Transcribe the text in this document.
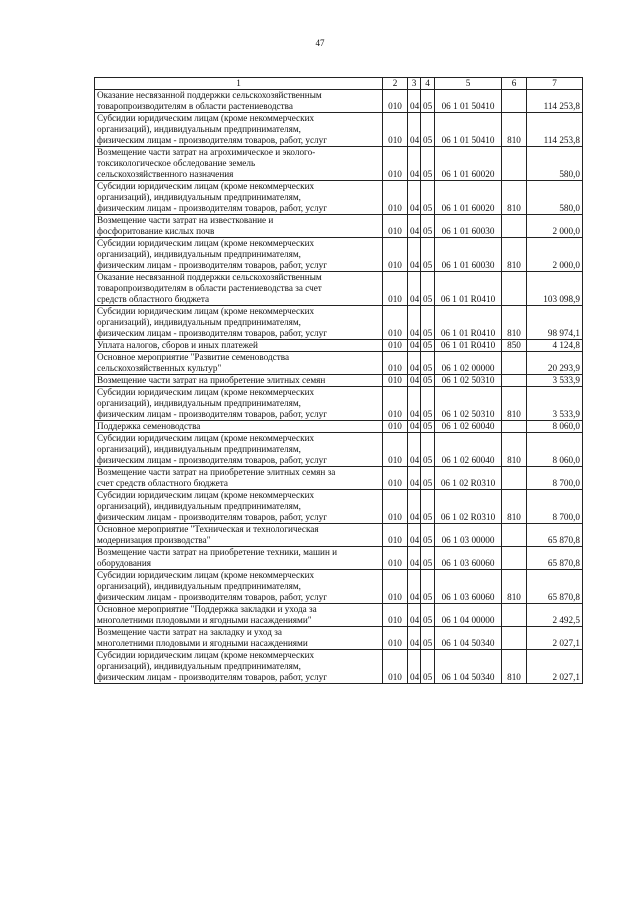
47
1	2	3	4	5	6	7

Оказание несвязанной поддержки сельскохозяйственным
товаропроизводителям в области растениеводства	010	04	05	06 1 01 50410		114 253,8

Субсидии юридическим лицам (кроме некоммерческих
организаций), индивидуальным предпринимателям,
физическим лицам - производителям товаров, работ, услуг	010	04	05	06 1 01 50410	810	114 253,8

Возмещение части затрат на агрохимическое и эколого-
токсикологическое обследование земель
сельскохозяйственного назначения	010	04	05	06 1 01 60020		580,0

Субсидии юридическим лицам (кроме некоммерческих
организаций), индивидуальным предпринимателям,
физическим лицам - производителям товаров, работ, услуг	010	04	05	06 1 01 60020	810	580,0

Возмещение части затрат на известкование и
фосфоритование кислых почв	010	04	05	06 1 01 60030		2 000,0

Субсидии юридическим лицам (кроме некоммерческих
организаций), индивидуальным предпринимателям,
физическим лицам - производителям товаров, работ, услуг	010	04	05	06 1 01 60030	810	2 000,0

Оказание несвязанной поддержки сельскохозяйственным
товаропроизводителям в области растениеводства за счет
средств областного бюджета	010	04	05	06 1 01 R0410		103 098,9

Субсидии юридическим лицам (кроме некоммерческих
организаций), индивидуальным предпринимателям,
физическим лицам - производителям товаров, работ, услуг	010	04	05	06 1 01 R0410	810	98 974,1

Уплата налогов, сборов и иных платежей	010	04	05	06 1 01 R0410	850	4 124,8

Основное мероприятие "Развитие семеноводства
сельскохозяйственных культур"	010	04	05	06 1 02 00000		20 293,9

Возмещение части затрат на приобретение элитных семян	010	04	05	06 1 02 50310		3 533,9

Субсидии юридическим лицам (кроме некоммерческих
организаций), индивидуальным предпринимателям,
физическим лицам - производителям товаров, работ, услуг	010	04	05	06 1 02 50310	810	3 533,9

Поддержка семеноводства	010	04	05	06 1 02 60040		8 060,0

Субсидии юридическим лицам (кроме некоммерческих
организаций), индивидуальным предпринимателям,
физическим лицам - производителям товаров, работ, услуг	010	04	05	06 1 02 60040	810	8 060,0

Возмещение части затрат на приобретение элитных семян за
счет средств областного бюджета	010	04	05	06 1 02 R0310		8 700,0

Субсидии юридическим лицам (кроме некоммерческих
организаций), индивидуальным предпринимателям,
физическим лицам - производителям товаров, работ, услуг	010	04	05	06 1 02 R0310	810	8 700,0

Основное мероприятие "Техническая и технологическая
модернизация производства"	010	04	05	06 1 03 00000		65 870,8

Возмещение части затрат на приобретение техники, машин и
оборудования	010	04	05	06 1 03 60060		65 870,8

Субсидии юридическим лицам (кроме некоммерческих
организаций), индивидуальным предпринимателям,
физическим лицам - производителям товаров, работ, услуг	010	04	05	06 1 03 60060	810	65 870,8

Основное мероприятие "Поддержка закладки и ухода за
многолетними плодовыми и ягодными насаждениями"	010	04	05	06 1 04 00000		2 492,5

Возмещение части затрат на закладку и уход за
многолетними плодовыми и ягодными насаждениями	010	04	05	06 1 04 50340		2 027,1

Субсидии юридическим лицам (кроме некоммерческих
организаций), индивидуальным предпринимателям,
физическим лицам - производителям товаров, работ, услуг	010	04	05	06 1 04 50340	810	2 027,1
